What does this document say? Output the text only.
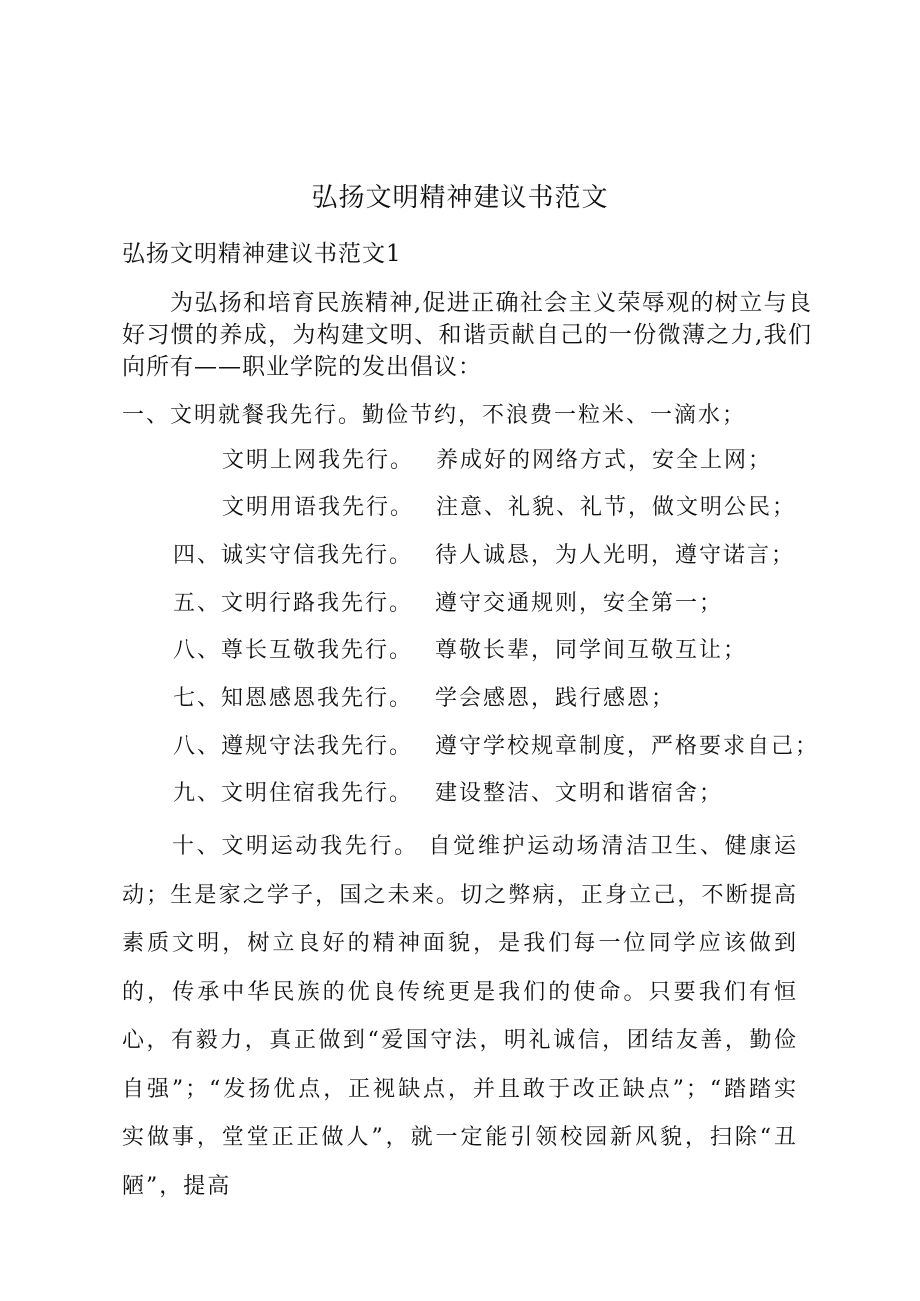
弘扬文明精神建议书范文
弘扬文明精神建议书范文1
为弘扬和培育民族精神,促进正确社会主义荣辱观的树立与良好习惯的养成，为构建文明、和谐贡献自己的一份微薄之力,我们向所有——职业学院的发出倡议：
一、文明就餐我先行。勤俭节约，不浪费一粒米、一滴水；
文明上网我先行。 养成好的网络方式，安全上网；
文明用语我先行。 注意、礼貌、礼节，做文明公民；
四、诚实守信我先行。 待人诚恳，为人光明，遵守诺言；
五、文明行路我先行。 遵守交通规则，安全第一；
八、尊长互敬我先行。 尊敬长辈，同学间互敬互让；
七、知恩感恩我先行。 学会感恩，践行感恩；
八、遵规守法我先行。 遵守学校规章制度，严格要求自己；
九、文明住宿我先行。 建设整洁、文明和谐宿舍；
十、文明运动我先行。 自觉维护运动场清洁卫生、健康运动；生是家之学子，国之未来。切之弊病，正身立己，不断提高素质文明，树立良好的精神面貌，是我们每一位同学应该做到的，传承中华民族的优良传统更是我们的使命。只要我们有恒心，有毅力，真正做到“爱国守法，明礼诚信，团结友善，勤俭自强”；“发扬优点，正视缺点，并且敢于改正缺点”；“踏踏实实做事，堂堂正正做人”，就一定能引领校园新风貌，扫除“丑陋”，提高
